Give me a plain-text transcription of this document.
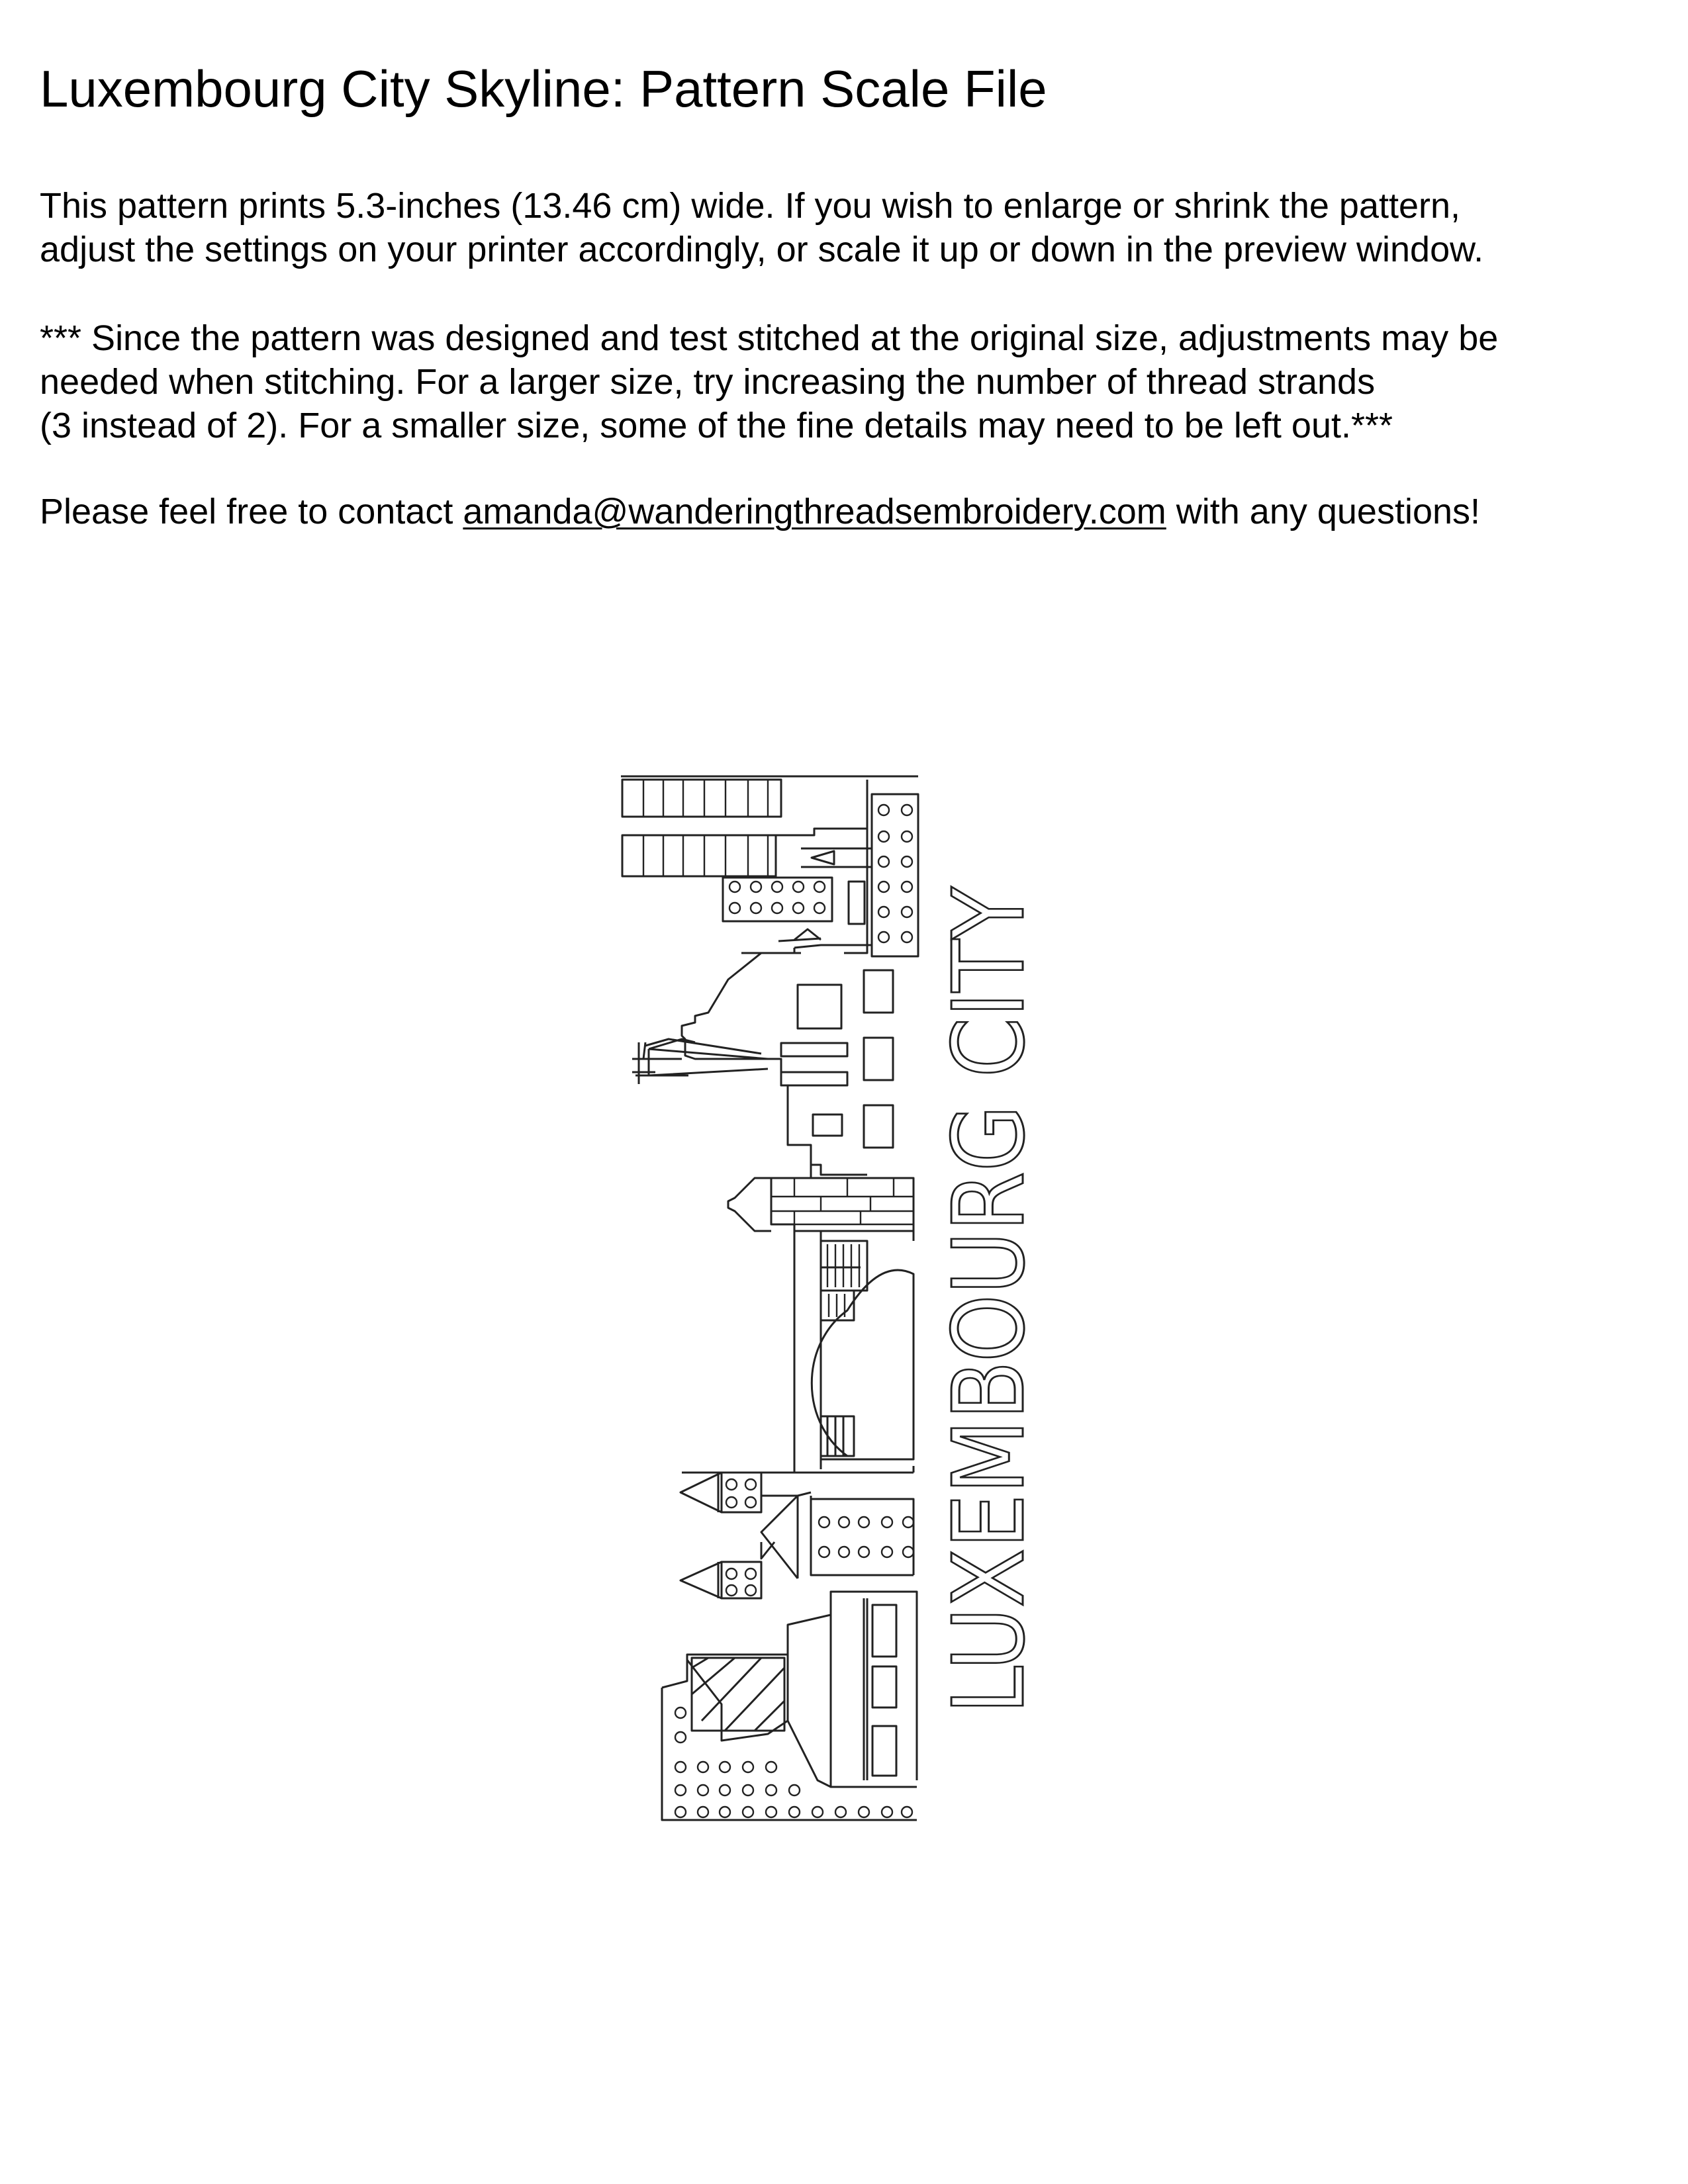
Luxembourg City Skyline: Pattern Scale File

This pattern prints 5.3-inches (13.46 cm) wide. If you wish to enlarge or shrink the pattern,
adjust the settings on your printer accordingly, or scale it up or down in the preview window.

*** Since the pattern was designed and test stitched at the original size, adjustments may be
needed when stitching. For a larger size, try increasing the number of thread strands
(3 instead of 2). For a smaller size, some of the fine details may need to be left out.***

Please feel free to contact amanda@wanderingthreadsembroidery.com with any questions!

LUXEMBOURG CITY
